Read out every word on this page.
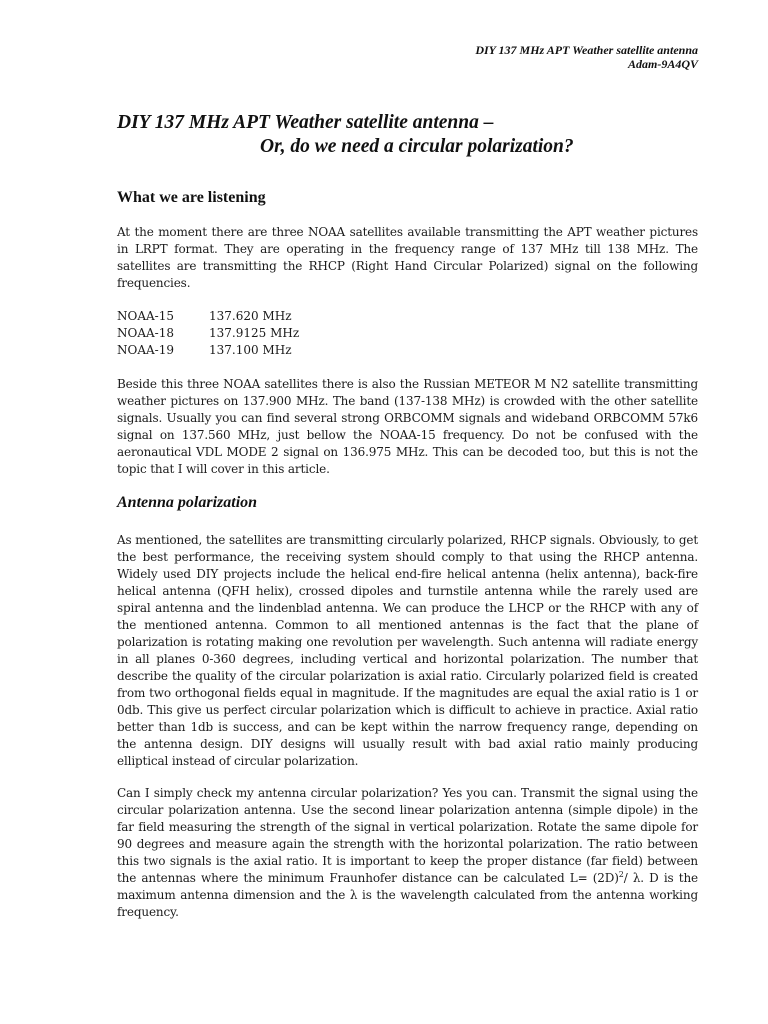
DIY 137 MHz APT Weather satellite antenna
Adam-9A4QV
DIY 137 MHz APT Weather satellite antenna –
Or, do we need a circular polarization?
What we are listening
At the moment there are three NOAA satellites available transmitting the APT weather pictures in LRPT format. They are operating in the frequency range of 137 MHz till 138 MHz. The satellites are transmitting the RHCP (Right Hand Circular Polarized) signal on the following frequencies.
NOAA-15	137.620 MHz
NOAA-18	137.9125 MHz
NOAA-19	137.100 MHz
Beside this three NOAA satellites there is also the Russian METEOR M N2 satellite transmitting weather pictures on 137.900 MHz. The band (137-138 MHz) is crowded with the other satellite signals. Usually you can find several strong ORBCOMM signals and wideband ORBCOMM 57k6 signal on 137.560 MHz, just bellow the NOAA-15 frequency. Do not be confused with the aeronautical VDL MODE 2 signal on 136.975 MHz. This can be decoded too, but this is not the topic that I will cover in this article.
Antenna polarization
As mentioned, the satellites are transmitting circularly polarized, RHCP signals. Obviously, to get the best performance, the receiving system should comply to that using the RHCP antenna. Widely used DIY projects include the helical end-fire helical antenna (helix antenna), back-fire helical antenna (QFH helix), crossed dipoles and turnstile antenna while the rarely used are spiral antenna and the lindenblad antenna. We can produce the LHCP or the RHCP with any of the mentioned antenna. Common to all mentioned antennas is the fact that the plane of polarization is rotating making one revolution per wavelength. Such antenna will radiate energy in all planes 0-360 degrees, including vertical and horizontal polarization. The number that describe the quality of the circular polarization is axial ratio. Circularly polarized field is created from two orthogonal fields equal in magnitude. If the magnitudes are equal the axial ratio is 1 or 0db. This give us perfect circular polarization which is difficult to achieve in practice. Axial ratio better than 1db is success, and can be kept within the narrow frequency range, depending on the antenna design. DIY designs will usually result with bad axial ratio mainly producing elliptical instead of circular polarization.
Can I simply check my antenna circular polarization? Yes you can. Transmit the signal using the circular polarization antenna. Use the second linear polarization antenna (simple dipole) in the far field measuring the strength of the signal in vertical polarization. Rotate the same dipole for 90 degrees and measure again the strength with the horizontal polarization. The ratio between this two signals is the axial ratio. It is important to keep the proper distance (far field) between the antennas where the minimum Fraunhofer distance can be calculated $L= (2D)^2/$ λ. D is the maximum antenna dimension and the λ is the wavelength calculated from the antenna working frequency.
